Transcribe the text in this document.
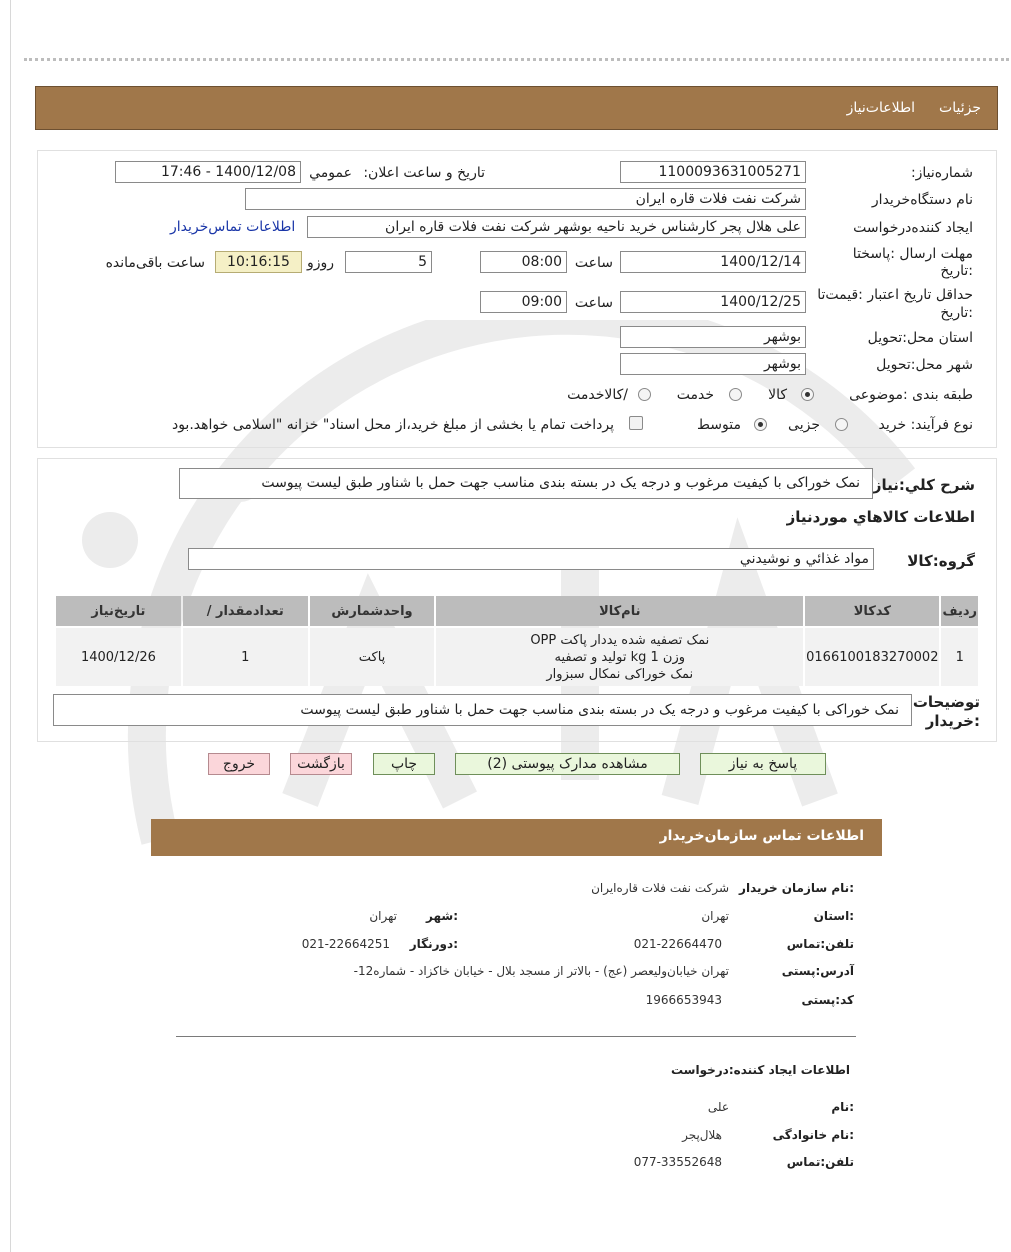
جزئیات
اطلاعات‌نیاز
شماره‌نیاز:
1100093631005271
تاریخ و ساعت اعلان:
عمومي
1400/12/08 - 17:46
نام دستگاه‌خریدار
شرکت نفت فلات قاره ایران
ایجاد کننده‌درخواست
علی هلال پجر کارشناس خرید ناحیه بوشهر شرکت نفت فلات قاره ایران
اطلاعات تماس‌خریدار
مهلت ارسال :پاسختا
:تاریخ
1400/12/14
ساعت
08:00
5
روزو
10:16:15
ساعت باقی‌مانده
حداقل تاریخ اعتبار :قیمت‌تا
:تاریخ
1400/12/25
ساعت
09:00
استان محل:تحویل
بوشهر
شهر محل:تحویل
بوشهر
طبقه بندی :موضوعی
کالا
خدمت
/کالاخدمت
نوع فرآیند: خرید
جزیی
متوسط
پرداخت تمام یا بخشی از مبلغ خرید،از محل اسناد" خزانه "اسلامی خواهد.بود
شرح کلي:نیاز
نمک خوراکی با کیفیت مرغوب و درجه یک در بسته بندی مناسب جهت حمل با شناور طبق لیست پیوست
اطلاعات کالاهاي موردنیاز
گروه:کالا
مواد غذائي و نوشیدني
ردیف	کدکالا	نام‌کالا	واحدشمارش	تعدادمقدار /	تاریخ‌نیاز
1	0166100183270002	نمک تصفیه شده یددار پاکت OPP
وزن 1 kg تولید و تصفیه
نمک خوراکی نمکال سبزوار	پاکت	1	1400/12/26
توضیحات
:خریدار
نمک خوراکی با کیفیت مرغوب و درجه یک در بسته بندی مناسب جهت حمل با شناور طبق لیست پیوست
پاسخ به نیاز
مشاهده مدارک پیوستی (2)
چاپ
بازگشت
خروج
اطلاعات تماس سازمان‌خریدار
نام سازمان خریدار:
شرکت نفت فلات قاره‌ایران
استان:
تهران
شهر:
تهران
تلفن:تماس
021-22664470
دورنگار:
021-22664251
آدرس:پستی
-تهران خیابان‌ولیعصر (عج) - بالاتر از مسجد بلال - خیابان خاکزاد - شماره12
کد:پستی
1966653943
اطلاعات ایجاد کننده:درخواست
نام:
علی
نام خانوادگی:
هلال‌پجر
تلفن:تماس
077-33552648
